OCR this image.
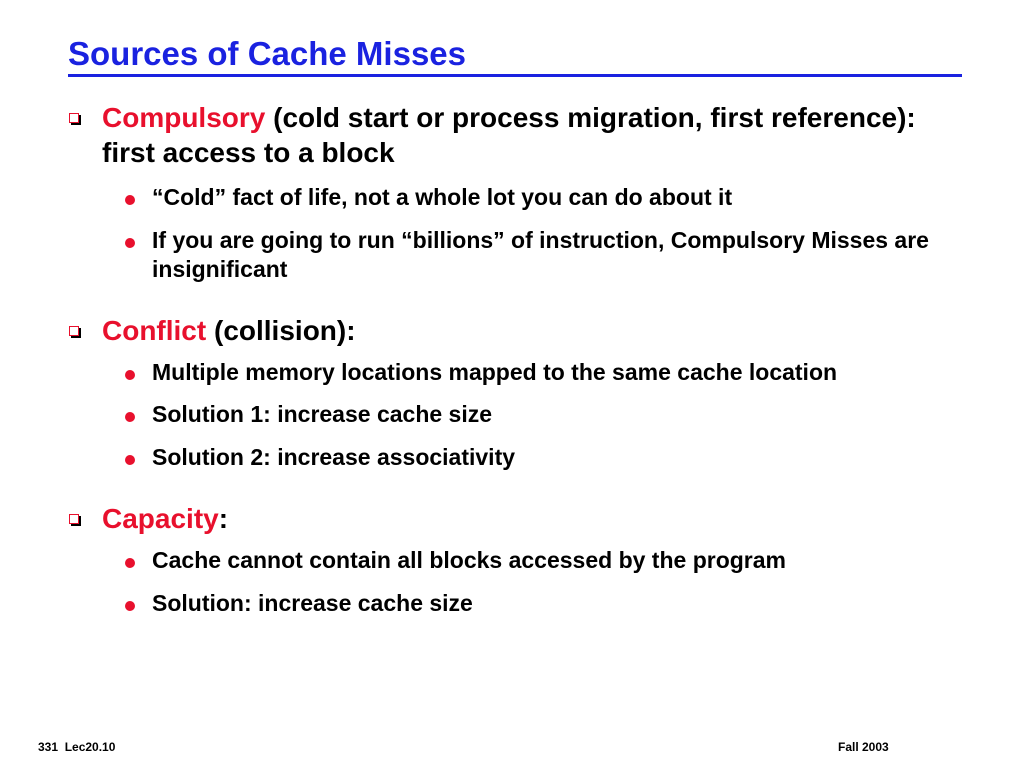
Sources of Cache Misses
Compulsory (cold start or process migration, first reference): first access to a block
“Cold” fact of life, not a whole lot you can do about it
If you are going to run “billions” of instruction, Compulsory Misses are insignificant
Conflict (collision):
Multiple memory locations mapped to the same cache location
Solution 1: increase cache size
Solution 2: increase associativity
Capacity:
Cache cannot contain all blocks accessed by the program
Solution: increase cache size
331  Lec20.10	Fall 2003
